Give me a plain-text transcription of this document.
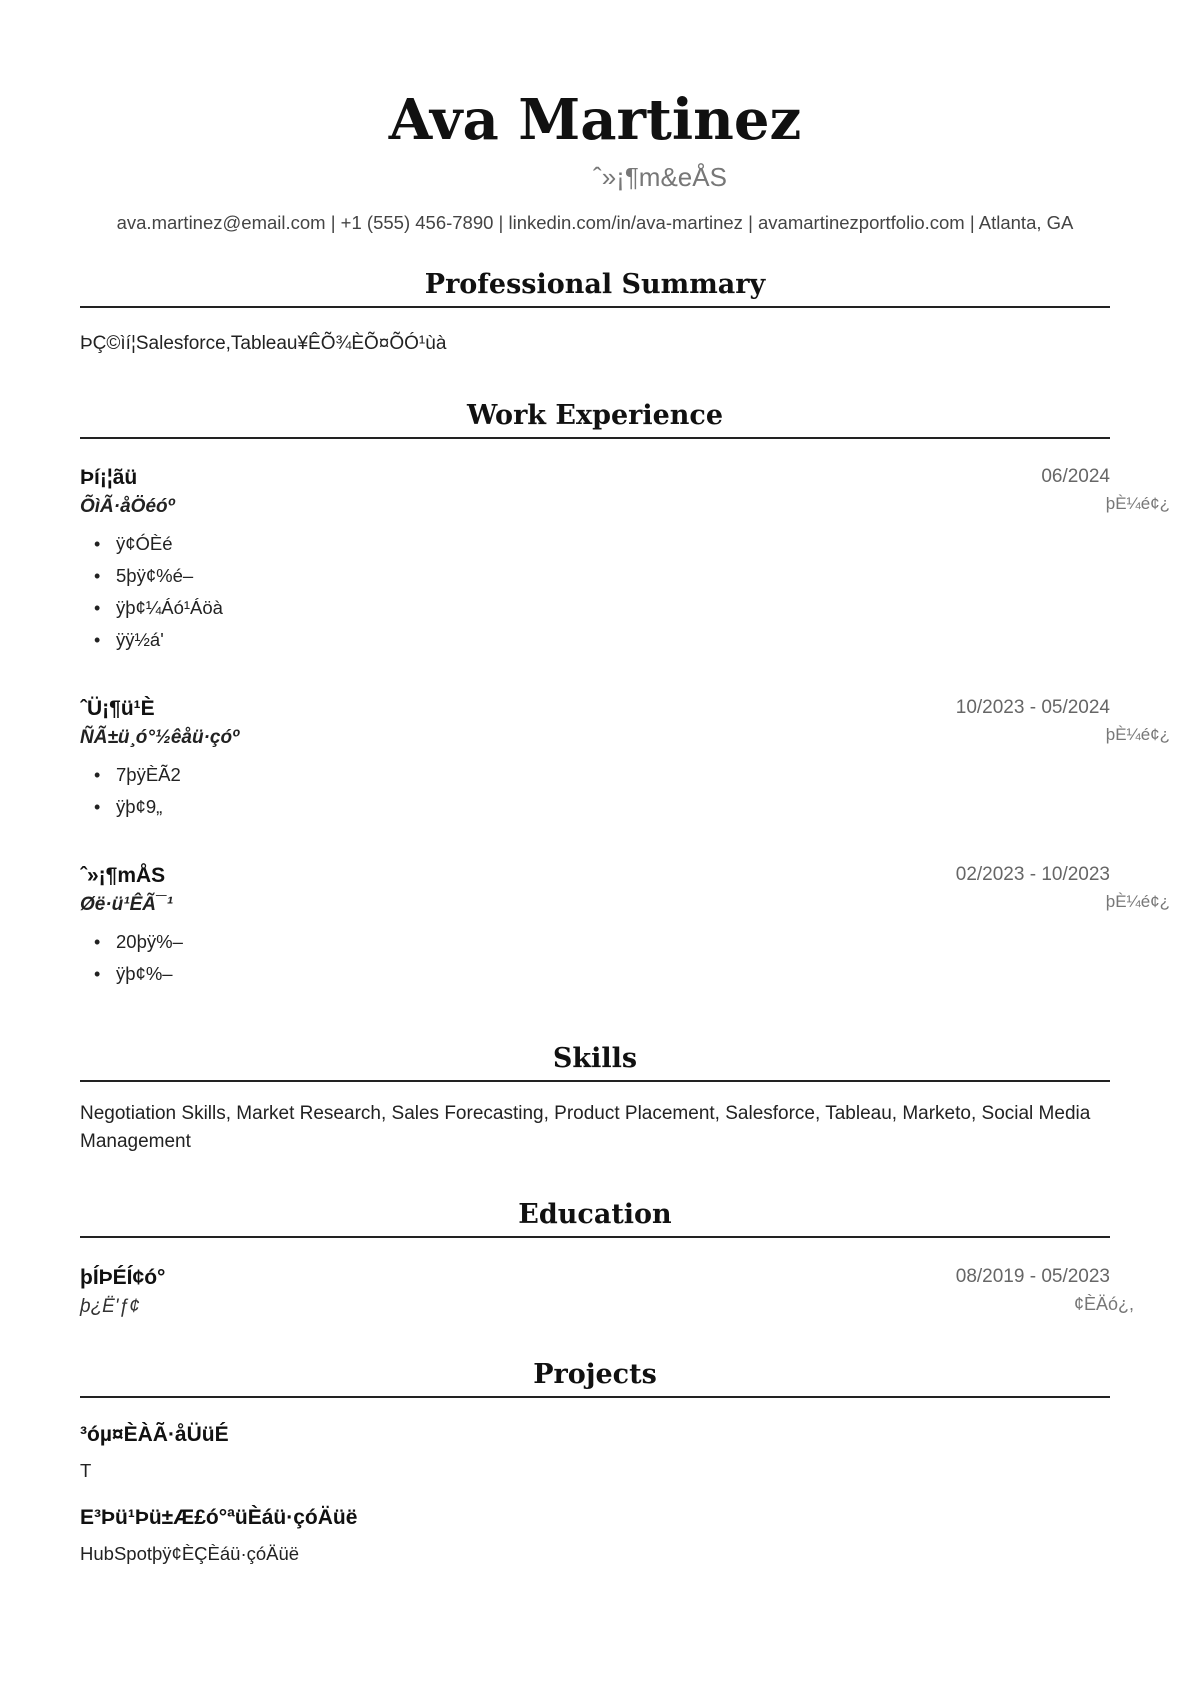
Ava Martinez
ˆ»¡¶m&eÅS
ava.martinez@email.com | +1 (555) 456-7890 | linkedin.com/in/ava-martinez | avamartinezportfolio.com | Atlanta, GA
Professional Summary
ÞÇ©ìí¦Salesforce,Tableau¥ÊÕ¾ÈÕ¤ÕÓ¹ùà
Work Experience
Þí¡¦ãü	06/2024
ÕìÃ·åÖéóº	þÈ¼é¢¿
• ÿ¢ÓÈé
• 5þÿ¢%é–
• ÿþ¢¼Áó¹Áöà
• ÿÿ½á'
ˆÜ¡¶ü¹È	10/2023 - 05/2024
ÑÃ±ü¸ó°½êåü·çóº	þÈ¼é¢¿
• 7þÿÈÃ2
• ÿþ¢9„
ˆ»¡¶mÅS	02/2023 - 10/2023
Øë·ü¹ÊÃ¯¹	þÈ¼é¢¿
• 20þÿ%–
• ÿþ¢%–
Skills
Negotiation Skills, Market Research, Sales Forecasting, Product Placement, Salesforce, Tableau, Marketo, Social Media Management
Education
þÍÞÉÍ¢ó°	08/2019 - 05/2023
þ¿Ë'ƒ¢	¢ÈÄó¿,
Projects
³óµ¤ÈÀÃ·åÜüÉ
T
E³Þü¹Þü±Æ£ó°ªüÈáü·çóÄüë
HubSpotþÿ¢ÈÇÈáü·çóÄüë
